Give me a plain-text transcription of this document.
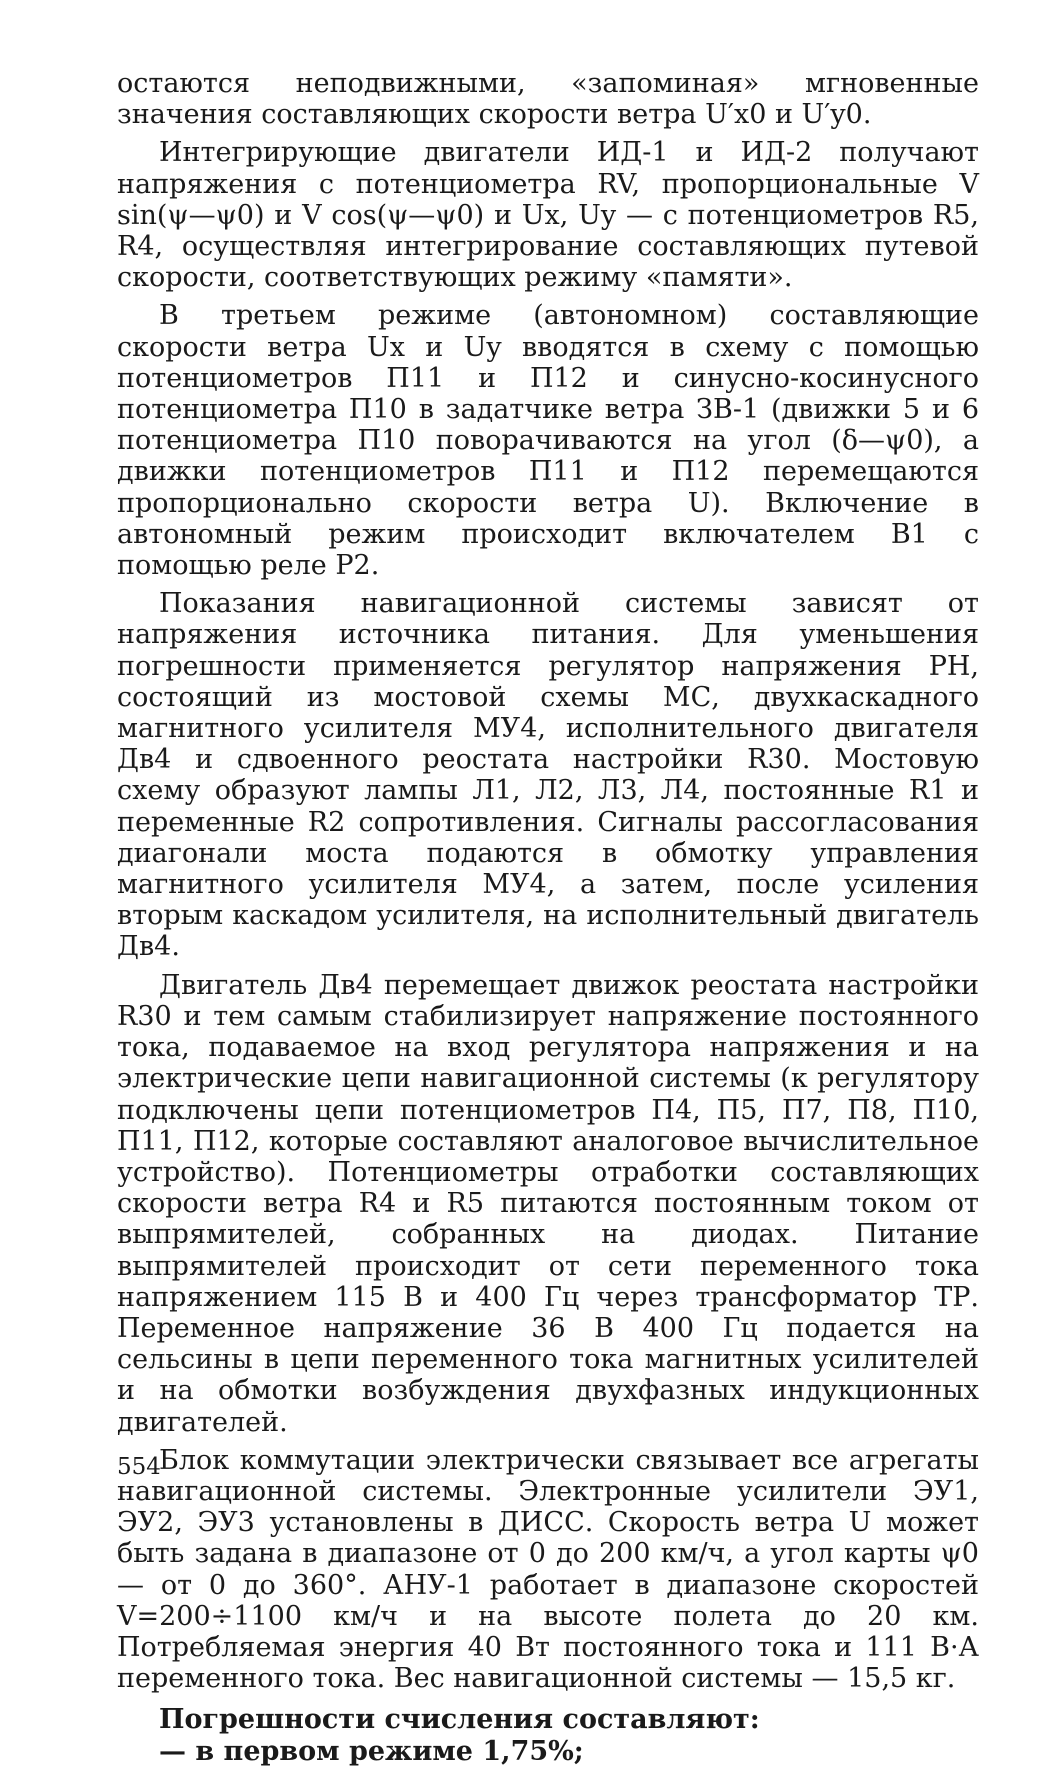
остаются неподвижными, «запоминая» мгновенные значения составляющих скорости ветра U′x0 и U′y0.

Интегрирующие двигатели ИД-1 и ИД-2 получают напряжения с потенциометра RV, пропорциональные V sin(ψ—ψ0) и V cos(ψ—ψ0) и Ux, Uy — с потенциометров R5, R4, осуществляя интегрирование составляющих путевой скорости, соответствующих режиму «памяти».

В третьем режиме (автономном) составляющие скорости ветра Ux и Uy вводятся в схему с помощью потенциометров П11 и П12 и синусно-косинусного потенциометра П10 в задатчике ветра ЗВ-1 (движки 5 и 6 потенциометра П10 поворачиваются на угол (δ—ψ0), а движки потенциометров П11 и П12 перемещаются пропорционально скорости ветра U). Включение в автономный режим происходит включателем B1 с помощью реле Р2.

Показания навигационной системы зависят от напряжения источника питания. Для уменьшения погрешности применяется регулятор напряжения РН, состоящий из мостовой схемы МС, двухкаскадного магнитного усилителя МУ4, исполнительного двигателя Дв4 и сдвоенного реостата настройки R30. Мостовую схему образуют лампы Л1, Л2, Л3, Л4, постоянные R1 и переменные R2 сопротивления. Сигналы рассогласования диагонали моста подаются в обмотку управления магнитного усилителя МУ4, а затем, после усиления вторым каскадом усилителя, на исполнительный двигатель Дв4.

Двигатель Дв4 перемещает движок реостата настройки R30 и тем самым стабилизирует напряжение постоянного тока, подаваемое на вход регулятора напряжения и на электрические цепи навигационной системы (к регулятору подключены цепи потенциометров П4, П5, П7, П8, П10, П11, П12, которые составляют аналоговое вычислительное устройство). Потенциометры отработки составляющих скорости ветра R4 и R5 питаются постоянным током от выпрямителей, собранных на диодах. Питание выпрямителей происходит от сети переменного тока напряжением 115 В и 400 Гц через трансформатор ТР. Переменное напряжение 36 В 400 Гц подается на сельсины в цепи переменного тока магнитных усилителей и на обмотки возбуждения двухфазных индукционных двигателей.

Блок коммутации электрически связывает все агрегаты навигационной системы. Электронные усилители ЭУ1, ЭУ2, ЭУ3 установлены в ДИСС. Скорость ветра U может быть задана в диапазоне от 0 до 200 км/ч, а угол карты ψ0 — от 0 до 360°. АНУ-1 работает в диапазоне скоростей V=200÷1100 км/ч и на высоте полета до 20 км. Потребляемая энергия 40 Вт постоянного тока и 111 В·А переменного тока. Вес навигационной системы — 15,5 кг.

Погрешности счисления составляют:

— в первом режиме 1,75%;

554
